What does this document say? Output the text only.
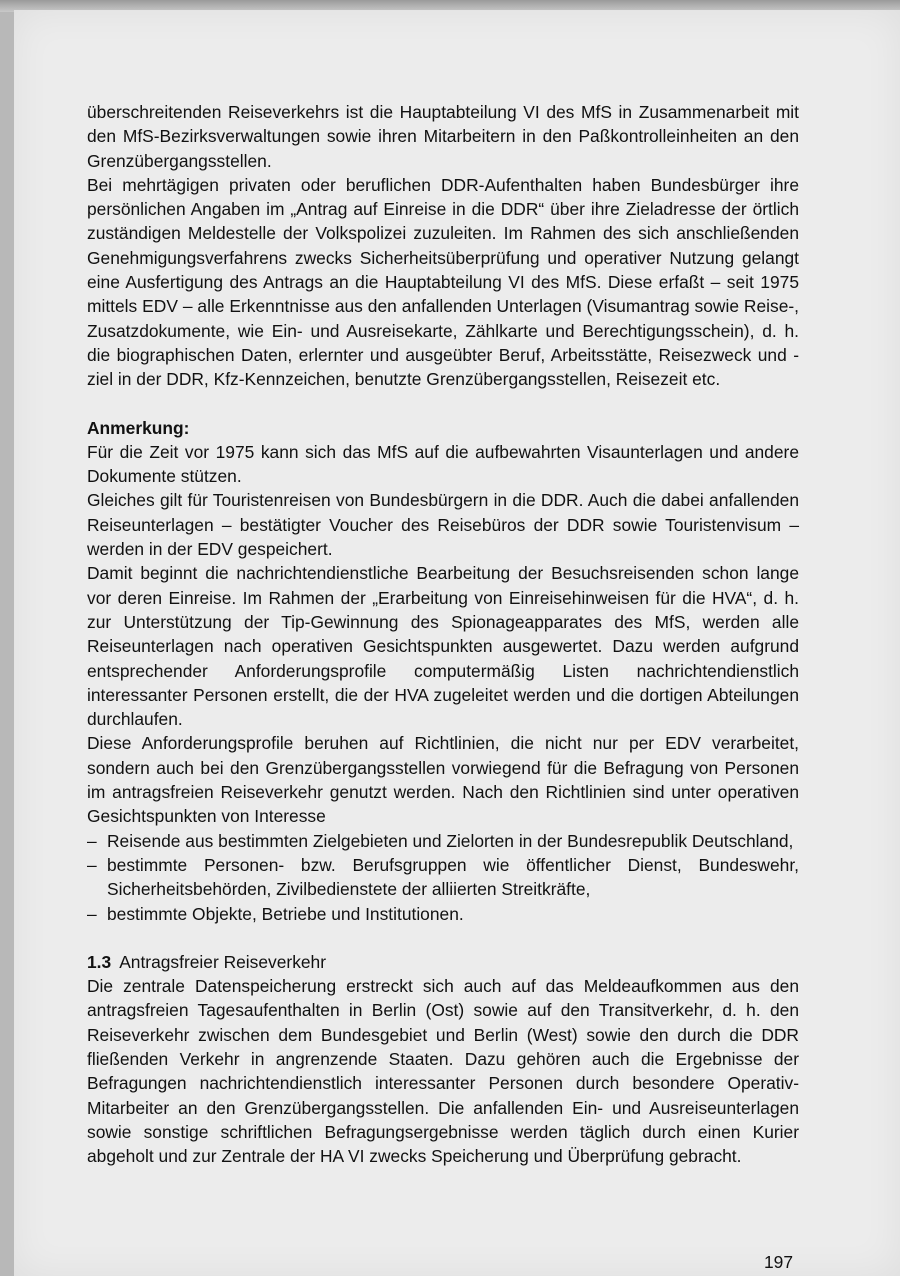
überschreitenden Reiseverkehrs ist die Hauptabteilung VI des MfS in Zusammenarbeit mit den MfS-Bezirksverwaltungen sowie ihren Mitarbeitern in den Paßkontrolleinheiten an den Grenzübergangsstellen.

Bei mehrtägigen privaten oder beruflichen DDR-Aufenthalten haben Bundesbürger ihre persönlichen Angaben im „Antrag auf Einreise in die DDR“ über ihre Zieladresse der örtlich zuständigen Meldestelle der Volkspolizei zuzuleiten. Im Rahmen des sich anschließenden Genehmigungsverfahrens zwecks Sicherheitsüberprüfung und operativer Nutzung gelangt eine Ausfertigung des Antrags an die Hauptabteilung VI des MfS. Diese erfaßt – seit 1975 mittels EDV – alle Erkenntnisse aus den anfallenden Unterlagen (Visumantrag sowie Reise-, Zusatzdokumente, wie Ein- und Ausreisekarte, Zählkarte und Berechtigungsschein), d. h. die biographischen Daten, erlernter und ausgeübter Beruf, Arbeitsstätte, Reisezweck und -ziel in der DDR, Kfz-Kennzeichen, benutzte Grenzübergangsstellen, Reisezeit etc.

Anmerkung:

Für die Zeit vor 1975 kann sich das MfS auf die aufbewahrten Visaunterlagen und andere Dokumente stützen.

Gleiches gilt für Touristenreisen von Bundesbürgern in die DDR. Auch die dabei anfallenden Reiseunterlagen – bestätigter Voucher des Reisebüros der DDR sowie Touristenvisum – werden in der EDV gespeichert.

Damit beginnt die nachrichtendienstliche Bearbeitung der Besuchsreisenden schon lange vor deren Einreise. Im Rahmen der „Erarbeitung von Einreisehinweisen für die HVA“, d. h. zur Unterstützung der Tip-Gewinnung des Spionageapparates des MfS, werden alle Reiseunterlagen nach operativen Gesichtspunkten ausgewertet. Dazu werden aufgrund entsprechender Anforderungsprofile computermäßig Listen nachrichtendienstlich interessanter Personen erstellt, die der HVA zugeleitet werden und die dortigen Abteilungen durchlaufen.

Diese Anforderungsprofile beruhen auf Richtlinien, die nicht nur per EDV verarbeitet, sondern auch bei den Grenzübergangsstellen vorwiegend für die Befragung von Personen im antragsfreien Reiseverkehr genutzt werden. Nach den Richtlinien sind unter operativen Gesichtspunkten von Interesse

– Reisende aus bestimmten Zielgebieten und Zielorten in der Bundesrepublik Deutschland,
– bestimmte Personen- bzw. Berufsgruppen wie öffentlicher Dienst, Bundeswehr, Sicherheitsbehörden, Zivilbedienstete der alliierten Streitkräfte,
– bestimmte Objekte, Betriebe und Institutionen.

1.3 Antragsfreier Reiseverkehr

Die zentrale Datenspeicherung erstreckt sich auch auf das Meldeaufkommen aus den antragsfreien Tagesaufenthalten in Berlin (Ost) sowie auf den Transitverkehr, d. h. den Reiseverkehr zwischen dem Bundesgebiet und Berlin (West) sowie den durch die DDR fließenden Verkehr in angrenzende Staaten. Dazu gehören auch die Ergebnisse der Befragungen nachrichtendienstlich interessanter Personen durch besondere Operativ-Mitarbeiter an den Grenzübergangsstellen. Die anfallenden Ein- und Ausreiseunterlagen sowie sonstige schriftlichen Befragungsergebnisse werden täglich durch einen Kurier abgeholt und zur Zentrale der HA VI zwecks Speicherung und Überprüfung gebracht.

197
